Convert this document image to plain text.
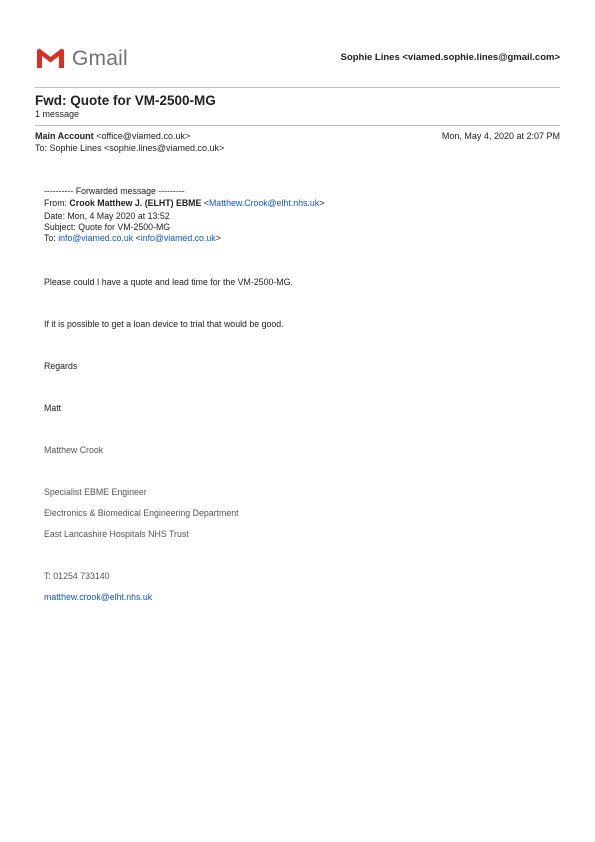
Gmail	Sophie Lines <viamed.sophie.lines@gmail.com>
Fwd: Quote for VM-2500-MG
1 message
Main Account <office@viamed.co.uk>	Mon, May 4, 2020 at 2:07 PM
To: Sophie Lines <sophie.lines@viamed.co.uk>
---------- Forwarded message ---------
From: Crook Matthew J. (ELHT) EBME <Matthew.Crook@elht.nhs.uk>
Date: Mon, 4 May 2020 at 13:52
Subject: Quote for VM-2500-MG
To: info@viamed.co.uk <info@viamed.co.uk>
Please could I have a quote and lead time for the VM-2500-MG.
If it is possible to get a loan device to trial that would be good.
Regards
Matt
Matthew Crook
Specialist EBME Engineer
Electronics & Biomedical Engineering Department
East Lancashire Hospitals NHS Trust
T: 01254 733140
matthew.crook@elht.nhs.uk
